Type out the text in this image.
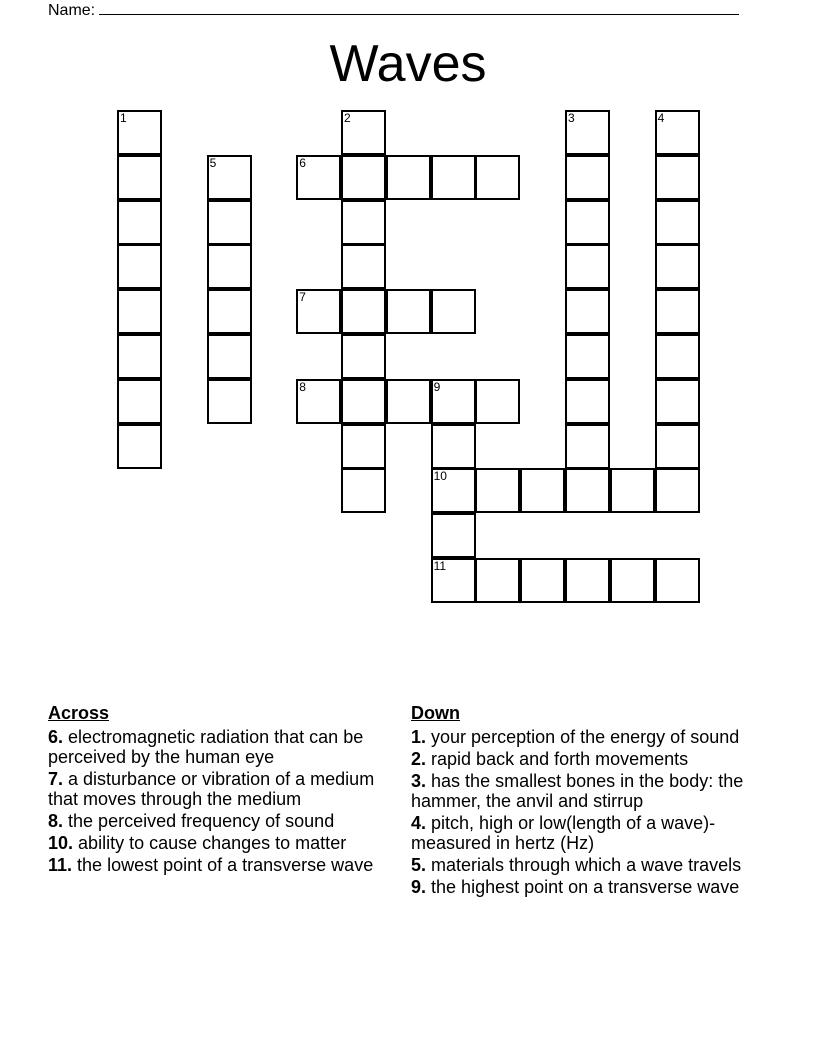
Name:
Waves
1	2	3	4
5	6
7
8	9
10
11
Across
6. electromagnetic radiation that can be perceived by the human eye
7. a disturbance or vibration of a medium that moves through the medium
8. the perceived frequency of sound
10. ability to cause changes to matter
11. the lowest point of a transverse wave
Down
1. your perception of the energy of sound
2. rapid back and forth movements
3. has the smallest bones in the body: the hammer, the anvil and stirrup
4. pitch, high or low(length of a wave)- measured in hertz (Hz)
5. materials through which a wave travels
9. the highest point on a transverse wave
